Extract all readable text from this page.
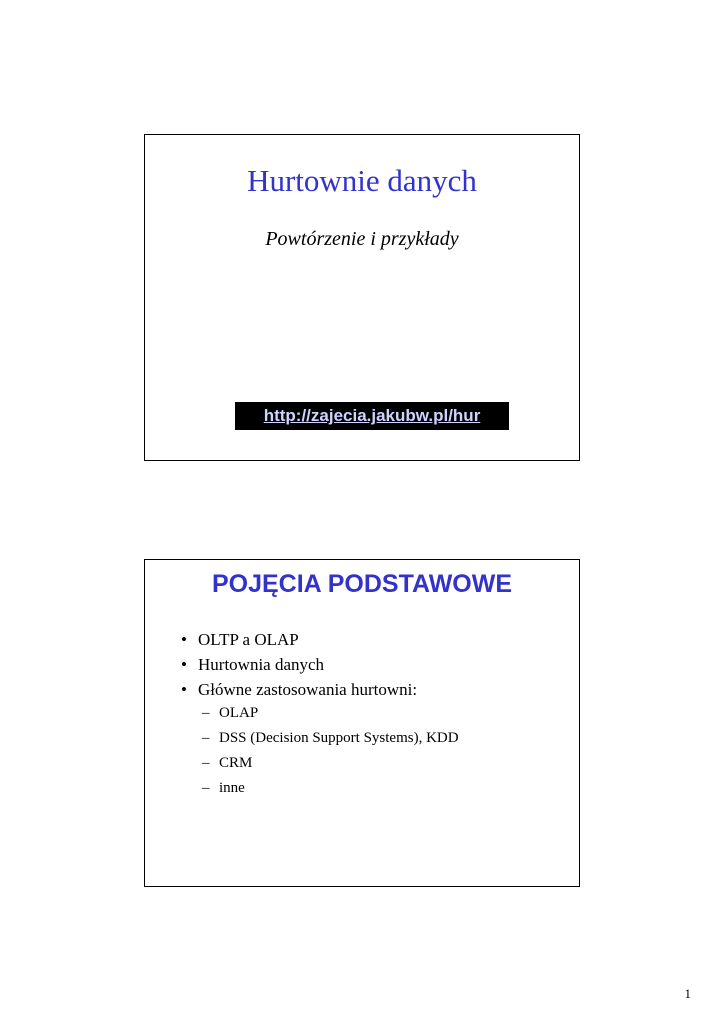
Hurtownie danych
Powtórzenie i przykłady
http://zajecia.jakubw.pl/hur
POJĘCIA PODSTAWOWE
• OLTP a OLAP
• Hurtownia danych
• Główne zastosowania hurtowni:
– OLAP
– DSS (Decision Support Systems), KDD
– CRM
– inne
1
